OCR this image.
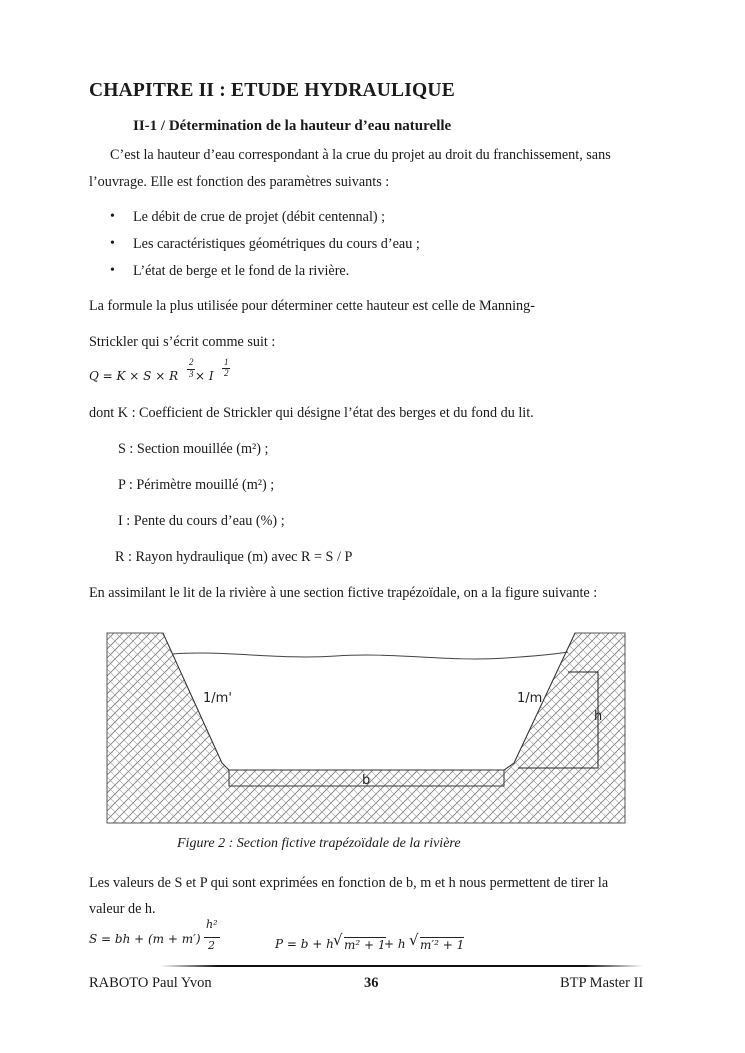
CHAPITRE II : ETUDE HYDRAULIQUE
II-1 / Détermination de la hauteur d’eau naturelle
C’est la hauteur d’eau correspondant à la crue du projet au droit du franchissement, sans
l’ouvrage. Elle est fonction des paramètres suivants :
• Le débit de crue de projet (débit centennal) ;
• Les caractéristiques géométriques du cours d’eau ;
• L’état de berge et le fond de la rivière.
La formule la plus utilisée pour déterminer cette hauteur est celle de Manning-
Strickler qui s’écrit comme suit :
Q = K × S × R
2
3 × I
1
2
dont K : Coefficient de Strickler qui désigne l’état des berges et du fond du lit.
S : Section mouillée (m²) ;
P : Périmètre mouillé (m²) ;
I : Pente du cours d’eau (%) ;
R : Rayon hydraulique (m) avec R = S / P
En assimilant le lit de la rivière à une section fictive trapézoïdale, on a la figure suivante :
1/m'	1/m
h
b
Figure 2 : Section fictive trapézoïdale de la rivière
Les valeurs de S et P qui sont exprimées en fonction de b, m et h nous permettent de tirer la
valeur de h.
S = bh + (m + m′)
h²
2	P = b + h √ m² + 1
+ h √ m′² + 1
RABOTO Paul Yvon	36	BTP Master II
